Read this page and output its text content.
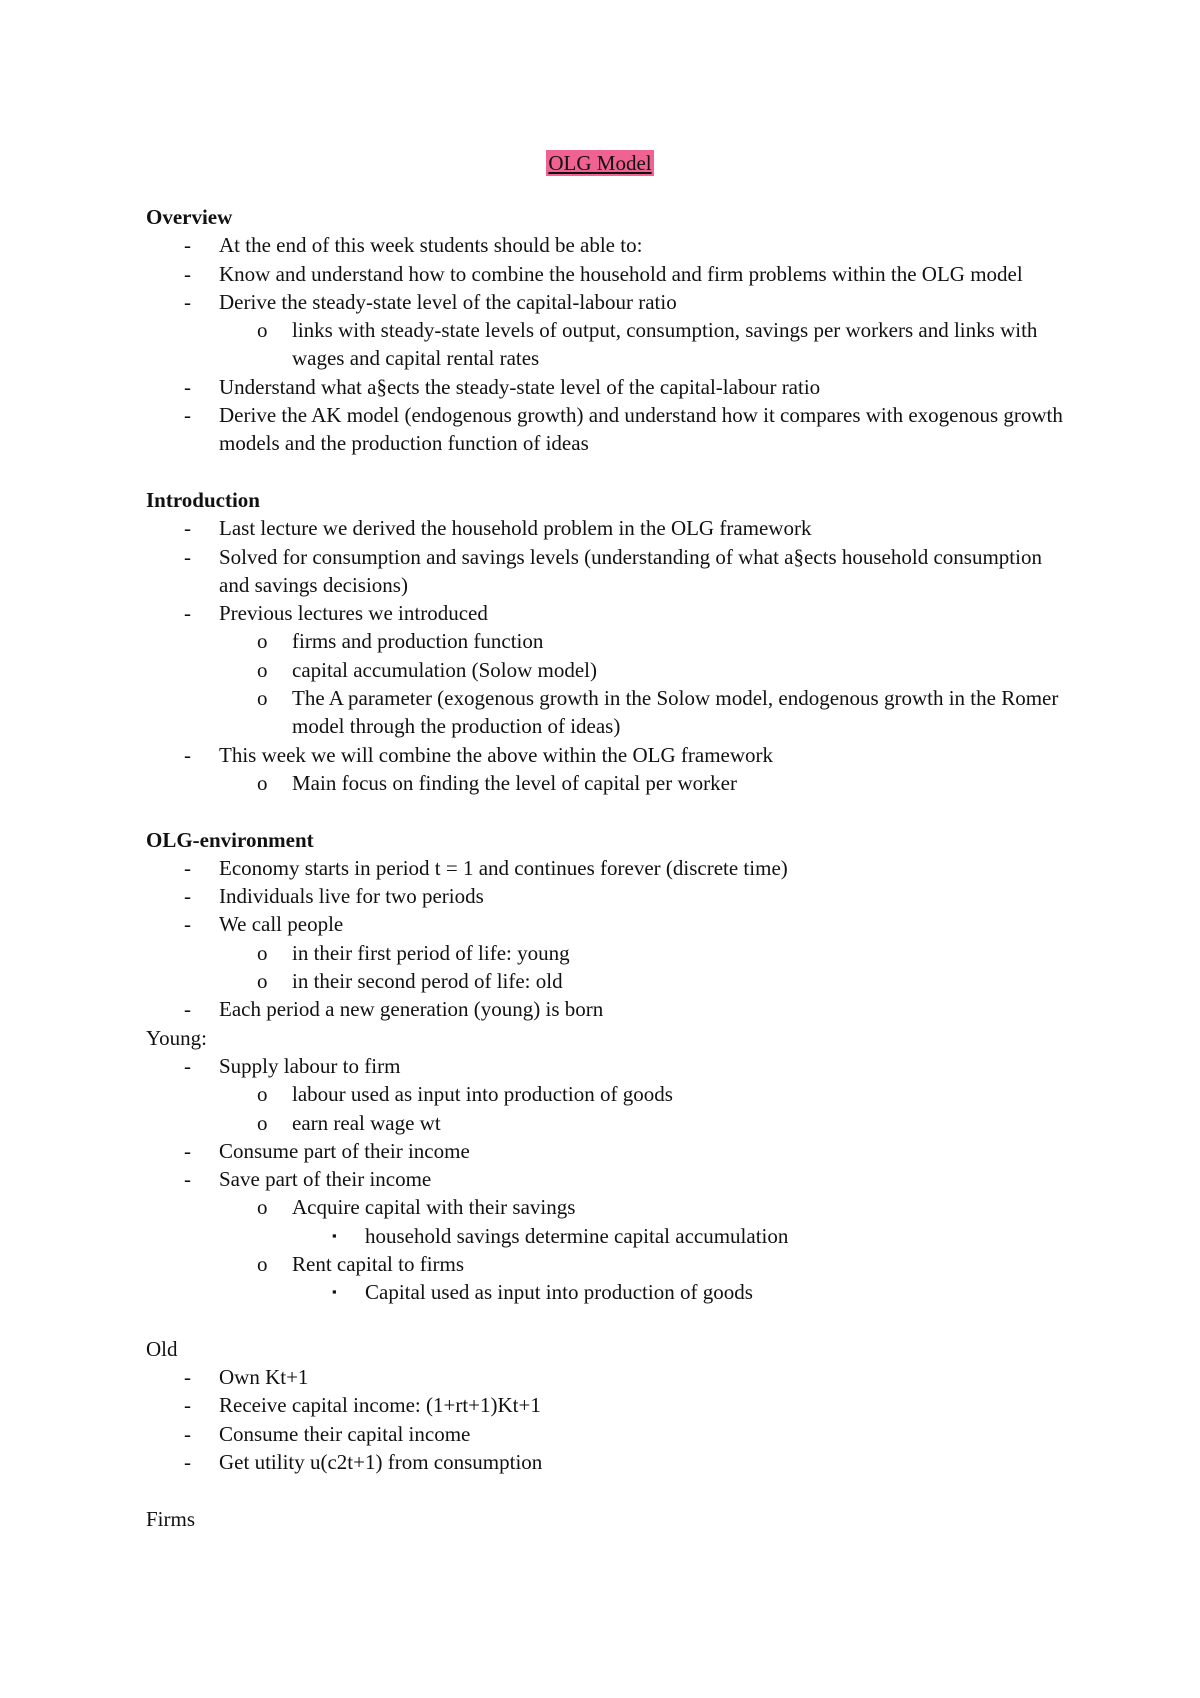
OLG Model

Overview

- At the end of this week students should be able to:
- Know and understand how to combine the household and firm problems within the OLG model
- Derive the steady-state level of the capital-labour ratio
o links with steady-state levels of output, consumption, savings per workers and links with wages and capital rental rates
- Understand what a§ects the steady-state level of the capital-labour ratio
- Derive the AK model (endogenous growth) and understand how it compares with exogenous growth models and the production function of ideas

Introduction

- Last lecture we derived the household problem in the OLG framework
- Solved for consumption and savings levels (understanding of what a§ects household consumption and savings decisions)
- Previous lectures we introduced
o firms and production function
o capital accumulation (Solow model)
o The A parameter (exogenous growth in the Solow model, endogenous growth in the Romer model through the production of ideas)
- This week we will combine the above within the OLG framework
o Main focus on finding the level of capital per worker

OLG-environment

- Economy starts in period t = 1 and continues forever (discrete time)
- Individuals live for two periods
- We call people
o in their first period of life: young
o in their second perod of life: old
- Each period a new generation (young) is born

Young:

- Supply labour to firm
o labour used as input into production of goods
o earn real wage wt
- Consume part of their income
- Save part of their income
o Acquire capital with their savings
▪ household savings determine capital accumulation
o Rent capital to firms
▪ Capital used as input into production of goods

Old

- Own Kt+1
- Receive capital income: (1+rt+1)Kt+1
- Consume their capital income
- Get utility u(c2t+1) from consumption

Firms
